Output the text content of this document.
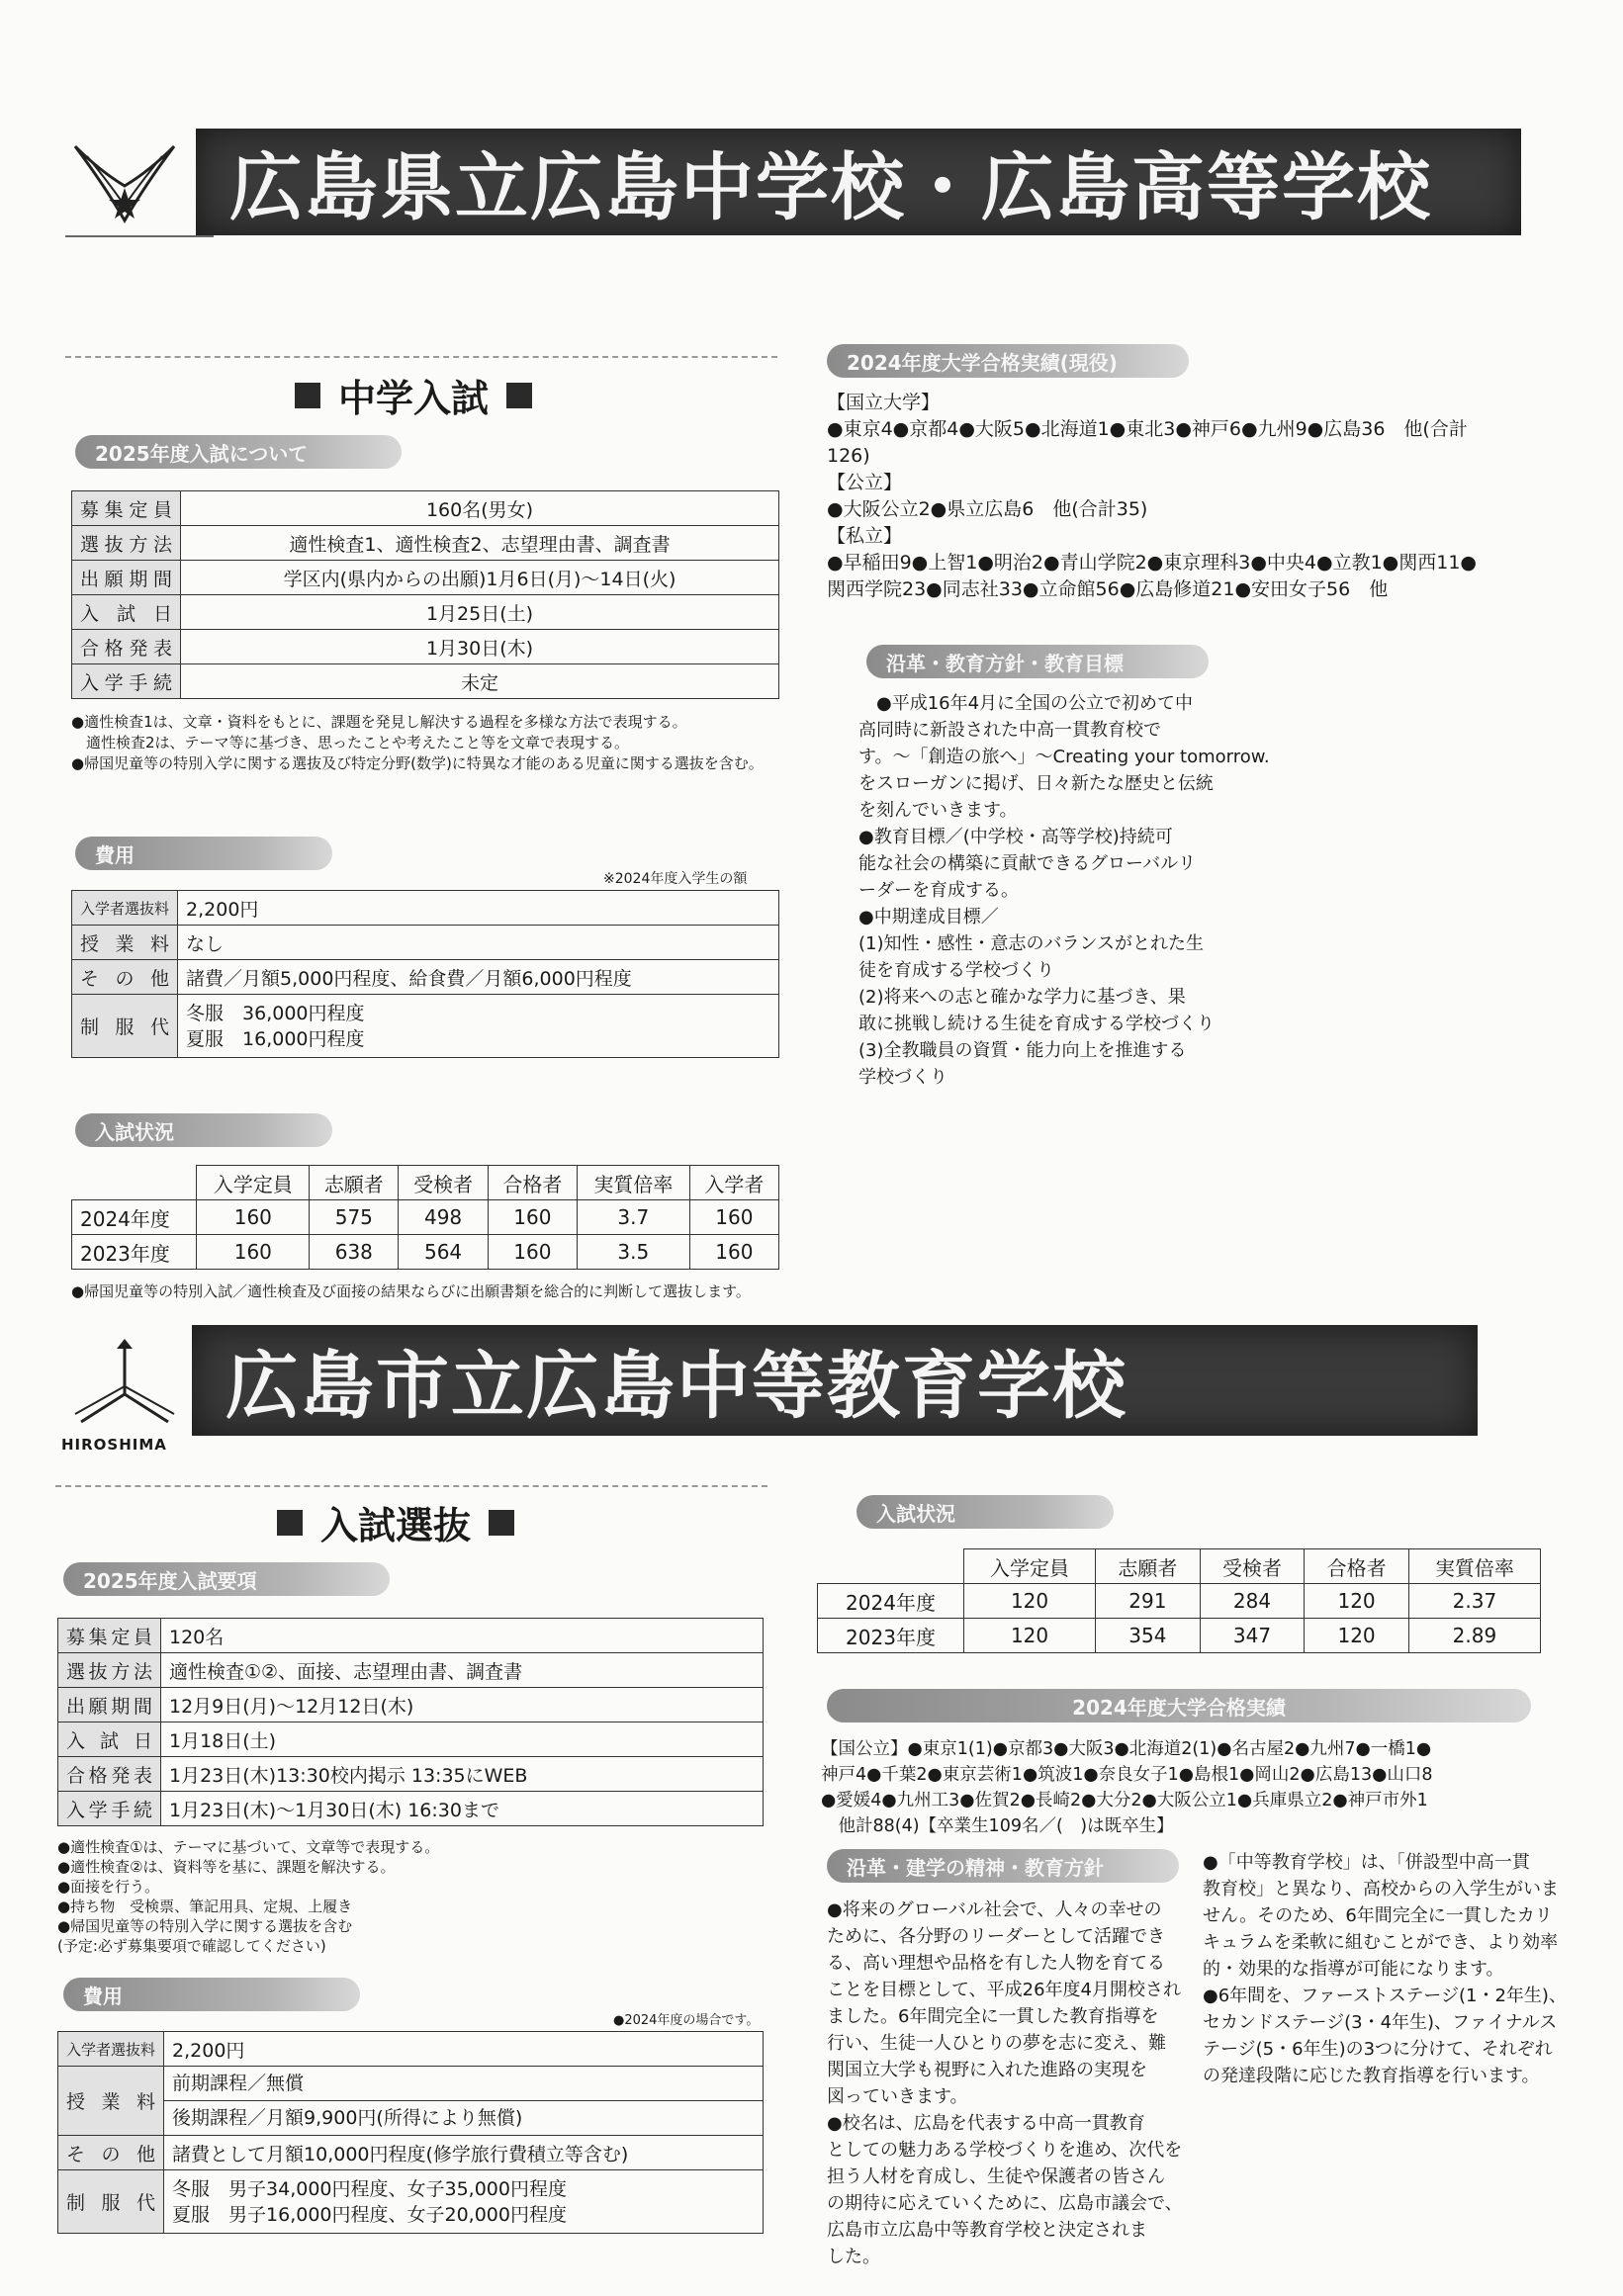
広島県立広島中学校・広島高等学校
中学入試
2025年度入試について
募集定員	160名(男女)
選抜方法	適性検査1、適性検査2、志望理由書、調査書
出願期間	学区内(県内からの出願)1月6日(月)～14日(火)
入試日	1月25日(土)
合格発表	1月30日(木)
入学手続	未定
●適性検査1は、文章・資料をもとに、課題を発見し解決する過程を多様な方法で表現する。
　適性検査2は、テーマ等に基づき、思ったことや考えたこと等を文章で表現する。
●帰国児童等の特別入学に関する選抜及び特定分野(数学)に特異な才能のある児童に関する選抜を含む。
費用
※2024年度入学生の額
入学者選抜料	2,200円
授業料	なし
その他	諸費／月額5,000円程度、給食費／月額6,000円程度
制服代	冬服　36,000円程度
夏服　16,000円程度
入試状況
	入学定員	志願者	受検者	合格者	実質倍率	入学者
2024年度	160	575	498	160	3.7	160
2023年度	160	638	564	160	3.5	160
●帰国児童等の特別入試／適性検査及び面接の結果ならびに出願書類を総合的に判断して選抜します。
2024年度大学合格実績(現役)

【国立大学】

●東京4●京都4●大阪5●北海道1●東北3●神戸6●九州9●広島36　他(合計

126)

【公立】

●大阪公立2●県立広島6　他(合計35)

【私立】

●早稲田9●上智1●明治2●青山学院2●東京理科3●中央4●立教1●関西11●

関西学院23●同志社33●立命館56●広島修道21●安田女子56　他

沿革・教育方針・教育目標

　●平成16年4月に全国の公立で初めて中

高同時に新設された中高一貫教育校で

す。～「創造の旅へ」～Creating your tomorrow.

をスローガンに掲げ、日々新たな歴史と伝統

を刻んでいきます。

●教育目標／(中学校・高等学校)持続可

能な社会の構築に貢献できるグローバルリ

ーダーを育成する。

●中期達成目標／

(1)知性・感性・意志のバランスがとれた生

徒を育成する学校づくり

(2)将来への志と確かな学力に基づき、果

敢に挑戦し続ける生徒を育成する学校づくり

(3)全教職員の資質・能力向上を推進する

学校づくり

HIROSHIMA
広島市立広島中等教育学校
入試選抜
2025年度入試要項
募集定員	120名
選抜方法	適性検査①②、面接、志望理由書、調査書
出願期間	12月9日(月)～12月12日(木)
入試日	1月18日(土)
合格発表	1月23日(木)13:30校内掲示 13:35にWEB
入学手続	1月23日(木)～1月30日(木) 16:30まで
●適性検査①は、テーマに基づいて、文章等で表現する。
●適性検査②は、資料等を基に、課題を解決する。
●面接を行う。
●持ち物　受検票、筆記用具、定規、上履き
●帰国児童等の特別入学に関する選抜を含む
(予定:必ず募集要項で確認してください)
費用
●2024年度の場合です。
入学者選抜料	2,200円
授業料	前期課程／無償
後期課程／月額9,900円(所得により無償)

その他	諸費として月額10,000円程度(修学旅行費積立等含む)
制服代	冬服　男子34,000円程度、女子35,000円程度
夏服　男子16,000円程度、女子20,000円程度
入試状況
	入学定員	志願者	受検者	合格者	実質倍率
2024年度	120	291	284	120	2.37
2023年度	120	354	347	120	2.89
2024年度大学合格実績

【国公立】●東京1(1)●京都3●大阪3●北海道2(1)●名古屋2●九州7●一橋1●

神戸4●千葉2●東京芸術1●筑波1●奈良女子1●島根1●岡山2●広島13●山口8

●愛媛4●九州工3●佐賀2●長崎2●大分2●大阪公立1●兵庫県立2●神戸市外1

　他計88(4)【卒業生109名／(　)は既卒生】

沿革・建学の精神・教育方針

●将来のグローバル社会で、人々の幸せの

ために、各分野のリーダーとして活躍でき

る、高い理想や品格を有した人物を育てる

ことを目標として、平成26年度4月開校され

ました。6年間完全に一貫した教育指導を

行い、生徒一人ひとりの夢を志に変え、難

関国立大学も視野に入れた進路の実現を

図っていきます。

●校名は、広島を代表する中高一貫教育

としての魅力ある学校づくりを進め、次代を

担う人材を育成し、生徒や保護者の皆さん

の期待に応えていくために、広島市議会で、

広島市立広島中等教育学校と決定されま

した。

●「中等教育学校」は、「併設型中高一貫

教育校」と異なり、高校からの入学生がいま

せん。そのため、6年間完全に一貫したカリ

キュラムを柔軟に組むことができ、より効率

的・効果的な指導が可能になります。

●6年間を、ファーストステージ(1・2年生)、

セカンドステージ(3・4年生)、ファイナルス

テージ(5・6年生)の3つに分けて、それぞれ

の発達段階に応じた教育指導を行います。
